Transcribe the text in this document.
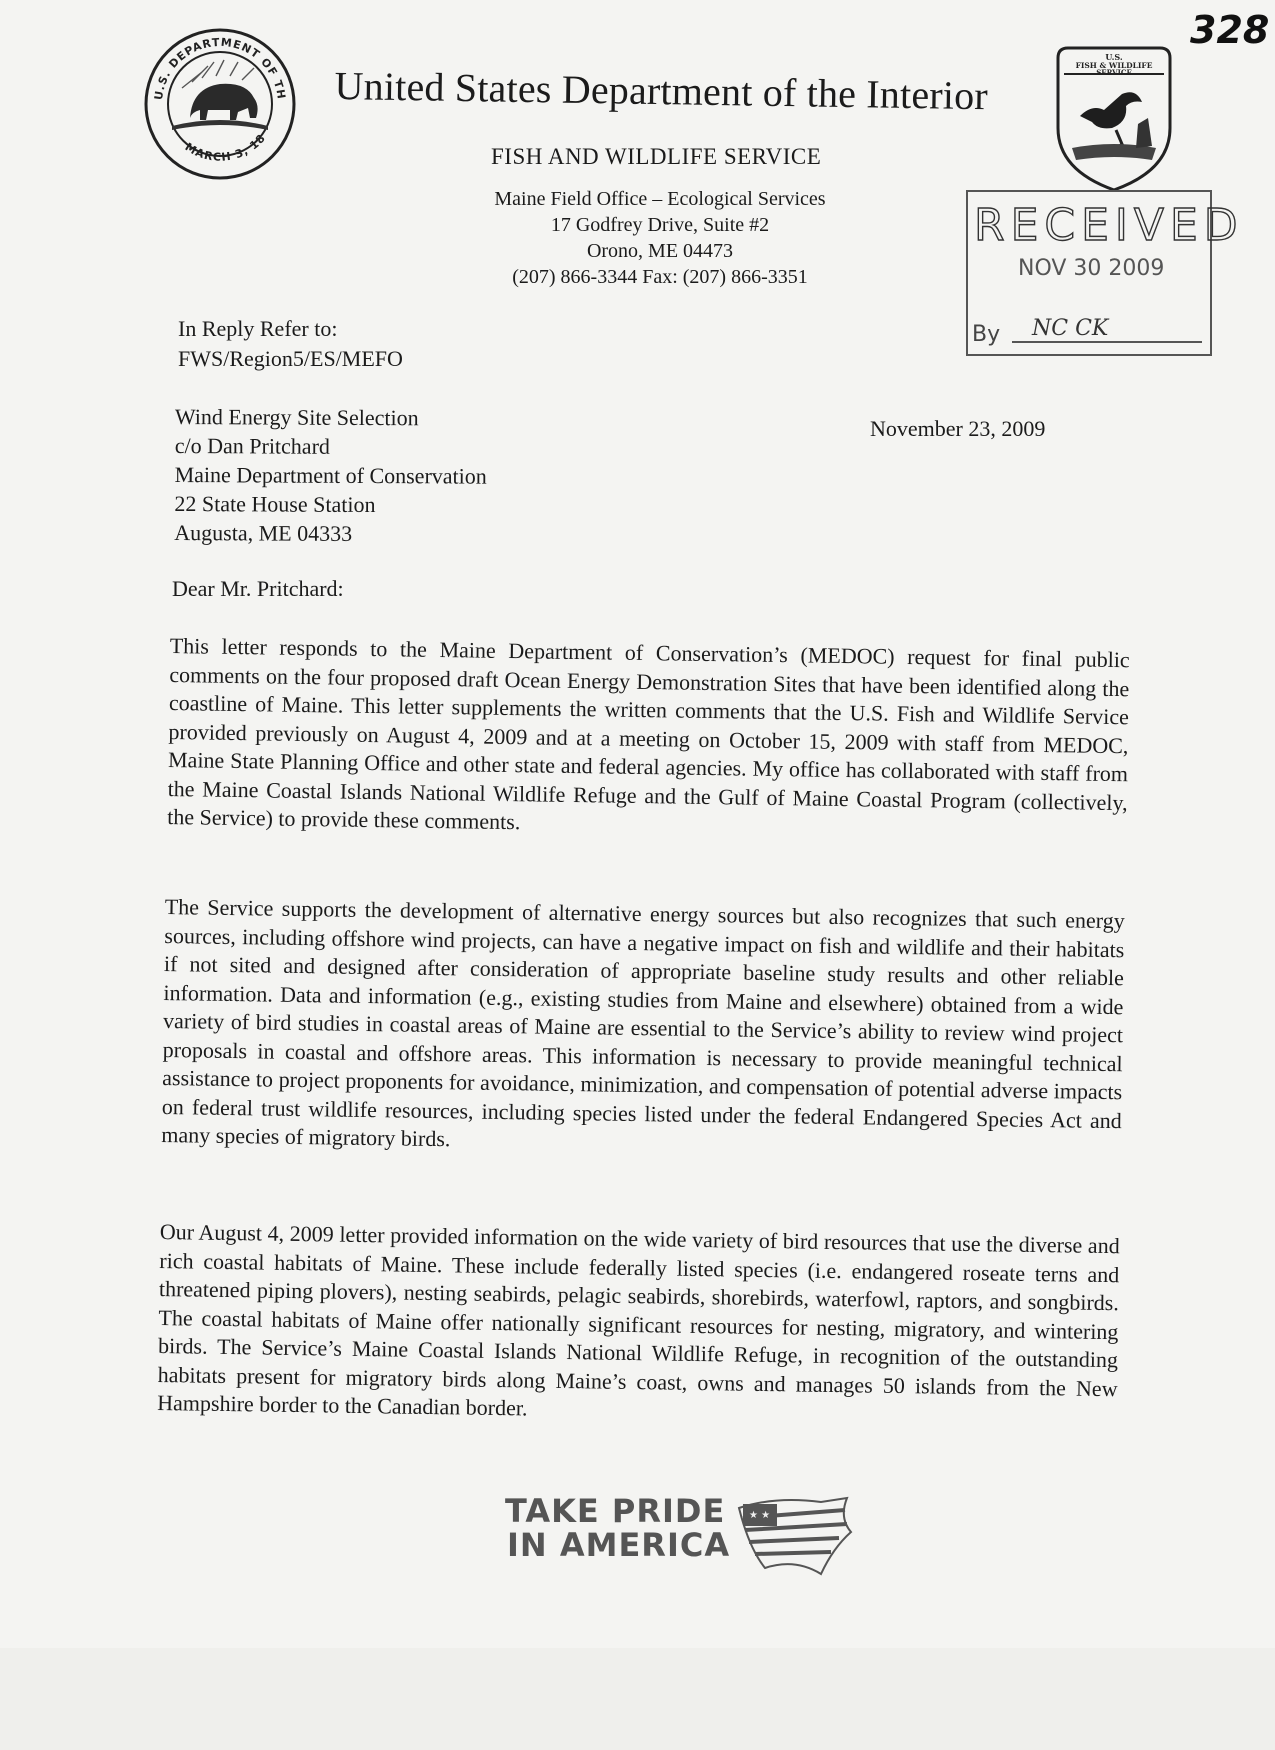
U.S. DEPARTMENT OF TH
MARCH 3, 18
United States Department of the Interior
FISH AND WILDLIFE SERVICE
Maine Field Office – Ecological Services
17 Godfrey Drive, Suite #2
Orono, ME 04473
(207) 866-3344 Fax: (207) 866-3351
U.S.
FISH & WILDLIFE
SERVICE
328
RECEIVED
NOV 30 2009
By	NC CK
In Reply Refer to:
FWS/Region5/ES/MEFO
Wind Energy Site Selection
c/o Dan Pritchard
Maine Department of Conservation
22 State House Station
Augusta, ME 04333
November 23, 2009
Dear Mr. Pritchard:
This letter responds to the Maine Department of Conservation’s (MEDOC) request for final public comments on the four proposed draft Ocean Energy Demonstration Sites that have been identified along the coastline of Maine. This letter supplements the written comments that the U.S. Fish and Wildlife Service provided previously on August 4, 2009 and at a meeting on October 15, 2009 with staff from MEDOC, Maine State Planning Office and other state and federal agencies. My office has collaborated with staff from the Maine Coastal Islands National Wildlife Refuge and the Gulf of Maine Coastal Program (collectively, the Service) to provide these comments.
The Service supports the development of alternative energy sources but also recognizes that such energy sources, including offshore wind projects, can have a negative impact on fish and wildlife and their habitats if not sited and designed after consideration of appropriate baseline study results and other reliable information. Data and information (e.g., existing studies from Maine and elsewhere) obtained from a wide variety of bird studies in coastal areas of Maine are essential to the Service’s ability to review wind project proposals in coastal and offshore areas. This information is necessary to provide meaningful technical assistance to project proponents for avoidance, minimization, and compensation of potential adverse impacts on federal trust wildlife resources, including species listed under the federal Endangered Species Act and many species of migratory birds.
Our August 4, 2009 letter provided information on the wide variety of bird resources that use the diverse and rich coastal habitats of Maine. These include federally listed species (i.e. endangered roseate terns and threatened piping plovers), nesting seabirds, pelagic seabirds, shorebirds, waterfowl, raptors, and songbirds. The coastal habitats of Maine offer nationally significant resources for nesting, migratory, and wintering birds. The Service’s Maine Coastal Islands National Wildlife Refuge, in recognition of the outstanding habitats present for migratory birds along Maine’s coast, owns and manages 50 islands from the New Hampshire border to the Canadian border.
TAKE PRIDE
IN AMERICA
★ ★
